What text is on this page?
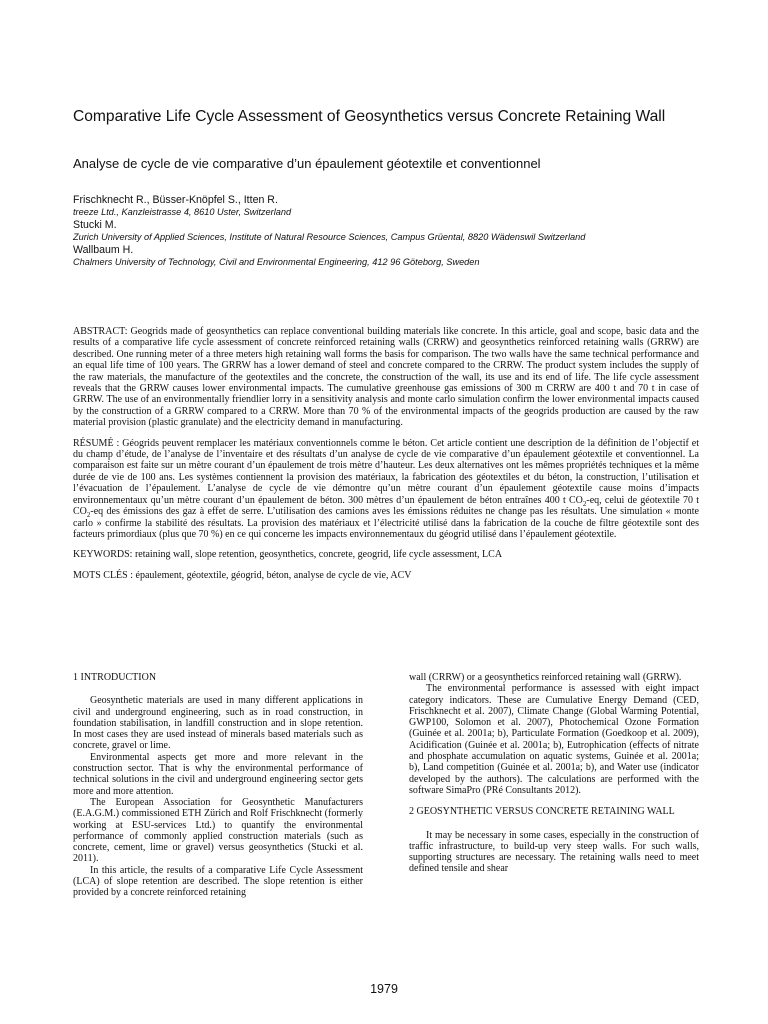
Comparative Life Cycle Assessment of Geosynthetics versus Concrete Retaining Wall
Analyse de cycle de vie comparative d’un épaulement géotextile et conventionnel
Frischknecht R., Büsser-Knöpfel S., Itten R.
treeze Ltd., Kanzleistrasse 4, 8610 Uster, Switzerland
Stucki M.
Zurich University of Applied Sciences, Institute of Natural Resource Sciences, Campus Grüental, 8820 Wädenswil Switzerland
Wallbaum H.
Chalmers University of Technology, Civil and Environmental Engineering, 412 96 Göteborg, Sweden

ABSTRACT: Geogrids made of geosynthetics can replace conventional building materials like concrete. In this article, goal and scope, basic data and the results of a comparative life cycle assessment of concrete reinforced retaining walls (CRRW) and geosynthetics reinforced retaining walls (GRRW) are described. One running meter of a three meters high retaining wall forms the basis for comparison. The two walls have the same technical performance and an equal life time of 100 years. The GRRW has a lower demand of steel and concrete compared to the CRRW. The product system includes the supply of the raw materials, the manufacture of the geotextiles and the concrete, the construction of the wall, its use and its end of life. The life cycle assessment reveals that the GRRW causes lower environmental impacts. The cumulative greenhouse gas emissions of 300 m CRRW are 400 t and 70 t in case of GRRW. The use of an environmentally friendlier lorry in a sensitivity analysis and monte carlo simulation confirm the lower environmental impacts caused by the construction of a GRRW compared to a CRRW. More than 70 % of the environmental impacts of the geogrids production are caused by the raw material provision (plastic granulate) and the electricity demand in manufacturing.

RÉSUMÉ : Géogrids peuvent remplacer les matériaux conventionnels comme le béton. Cet article contient une description de la définition de l’objectif et du champ d’étude, de l’analyse de l’inventaire et des résultats d’un analyse de cycle de vie comparative d’un épaulement géotextile et conventionnel. La comparaison est faite sur un mètre courant d’un épaulement de trois mètre d’hauteur. Les deux alternatives ont les mêmes propriétés techniques et la même durée de vie de 100 ans. Les systèmes contiennent la provision des matériaux, la fabrication des géotextiles et du béton, la construction, l’utilisation et l’évacuation de l’épaulement. L’analyse de cycle de vie démontre qu’un mètre courant d’un épaulement géotextile cause moins d’impacts environnementaux qu’un mètre courant d’un épaulement de béton. 300 mètres d’un épaulement de béton entraînes 400 t $CO_2-eq$, celui de géotextile 70 t $CO_2-eq$ des émissions des gaz à effet de serre. L’utilisation des camions aves les émissions réduites ne change pas les résultats. Une simulation « monte carlo » confirme la stabilité des résultats. La provision des matériaux et l’électricité utilisé dans la fabrication de la couche de filtre géotextile sont des facteurs primordiaux (plus que 70 %) en ce qui concerne les impacts environnementaux du géogrid utilisé dans l’épaulement géotextile.

KEYWORDS: retaining wall, slope retention, geosynthetics, concrete, geogrid, life cycle assessment, LCA

MOTS CLÉS : épaulement, géotextile, géogrid, béton, analyse de cycle de vie, ACV

1 INTRODUCTION

Geosynthetic materials are used in many different applications in civil and underground engineering, such as in road construction, in foundation stabilisation, in landfill construction and in slope retention. In most cases they are used instead of minerals based materials such as concrete, gravel or lime.

Environmental aspects get more and more relevant in the construction sector. That is why the environmental performance of technical solutions in the civil and underground engineering sector gets more and more attention.

The European Association for Geosynthetic Manufacturers (E.A.G.M.) commissioned ETH Zürich and Rolf Frischknecht (formerly working at ESU-services Ltd.) to quantify the environmental performance of commonly applied construction materials (such as concrete, cement, lime or gravel) versus geosynthetics (Stucki et al. 2011).

In this article, the results of a comparative Life Cycle Assessment (LCA) of slope retention are described. The slope retention is either provided by a concrete reinforced retaining

wall (CRRW) or a geosynthetics reinforced retaining wall (GRRW).

The environmental performance is assessed with eight impact category indicators. These are Cumulative Energy Demand (CED, Frischknecht et al. 2007), Climate Change (Global Warming Potential, GWP100, Solomon et al. 2007), Photochemical Ozone Formation (Guinée et al. 2001a; b), Particulate Formation (Goedkoop et al. 2009), Acidification (Guinée et al. 2001a; b), Eutrophication (effects of nitrate and phosphate accumulation on aquatic systems, Guinée et al. 2001a; b), Land competition (Guinée et al. 2001a; b), and Water use (indicator developed by the authors). The calculations are performed with the software SimaPro (PRé Consultants 2012).

2 GEOSYNTHETIC VERSUS CONCRETE RETAINING WALL

It may be necessary in some cases, especially in the construction of traffic infrastructure, to build-up very steep walls. For such walls, supporting structures are necessary. The retaining walls need to meet defined tensile and shear

1979
